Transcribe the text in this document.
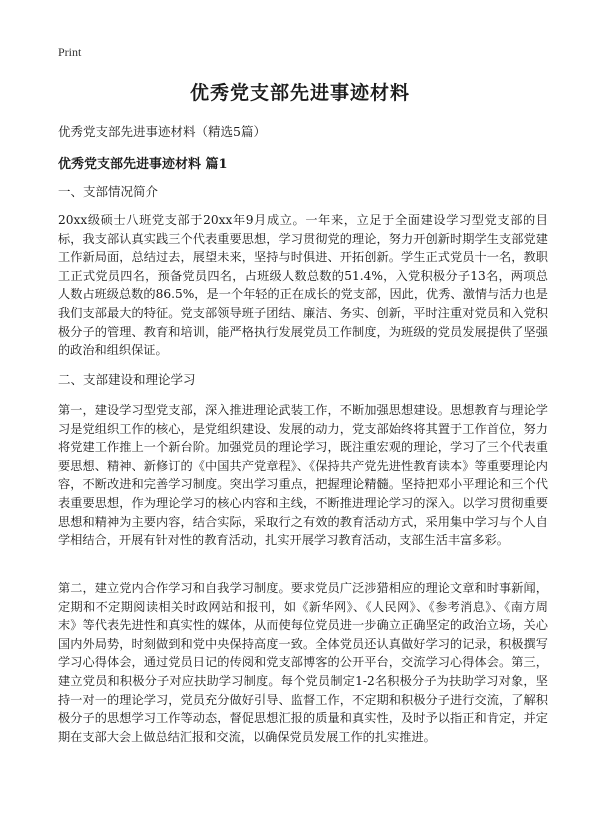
Print
优秀党支部先进事迹材料

优秀党支部先进事迹材料（精选5篇）

优秀党支部先进事迹材料 篇1

一、支部情况简介

20xx级硕士八班党支部于20xx年9月成立。一年来，立足于全面建设学习型党支部的目标，我支部认真实践三个代表重要思想，学习贯彻党的理论，努力开创新时期学生支部党建工作新局面，总结过去，展望未来，坚持与时俱进、开拓创新。学生正式党员十一名，教职工正式党员四名，预备党员四名，占班级人数总数的51.4%，入党积极分子13名，两项总人数占班级总数的86.5%，是一个年轻的正在成长的党支部，因此，优秀、激情与活力也是我们支部最大的特征。党支部领导班子团结、廉洁、务实、创新，平时注重对党员和入党积极分子的管理、教育和培训，能严格执行发展党员工作制度，为班级的党员发展提供了坚强的政治和组织保证。

二、支部建设和理论学习

第一，建设学习型党支部，深入推进理论武装工作，不断加强思想建设。思想教育与理论学习是党组织工作的核心，是党组织建设、发展的动力，党支部始终将其置于工作首位，努力将党建工作推上一个新台阶。加强党员的理论学习，既注重宏观的理论，学习了三个代表重要思想、精神、新修订的《中国共产党章程》、《保持共产党先进性教育读本》等重要理论内容，不断改进和完善学习制度。突出学习重点，把握理论精髓。坚持把邓小平理论和三个代表重要思想，作为理论学习的核心内容和主线，不断推进理论学习的深入。以学习贯彻重要思想和精神为主要内容，结合实际，采取行之有效的教育活动方式，采用集中学习与个人自学相结合，开展有针对性的教育活动，扎实开展学习教育活动，支部生活丰富多彩。

第二，建立党内合作学习和自我学习制度。要求党员广泛涉猎相应的理论文章和时事新闻，定期和不定期阅读相关时政网站和报刊，如《新华网》、《人民网》、《参考消息》、《南方周末》等代表先进性和真实性的媒体，从而使每位党员进一步确立正确坚定的政治立场，关心国内外局势，时刻做到和党中央保持高度一致。全体党员还认真做好学习的记录，积极撰写学习心得体会，通过党员日记的传阅和党支部博客的公开平台，交流学习心得体会。第三，建立党员和积极分子对应扶助学习制度。每个党员制定1-2名积极分子为扶助学习对象，坚持一对一的理论学习，党员充分做好引导、监督工作，不定期和积极分子进行交流，了解积极分子的思想学习工作等动态，督促思想汇报的质量和真实性，及时予以指正和肯定，并定期在支部大会上做总结汇报和交流，以确保党员发展工作的扎实推进。
